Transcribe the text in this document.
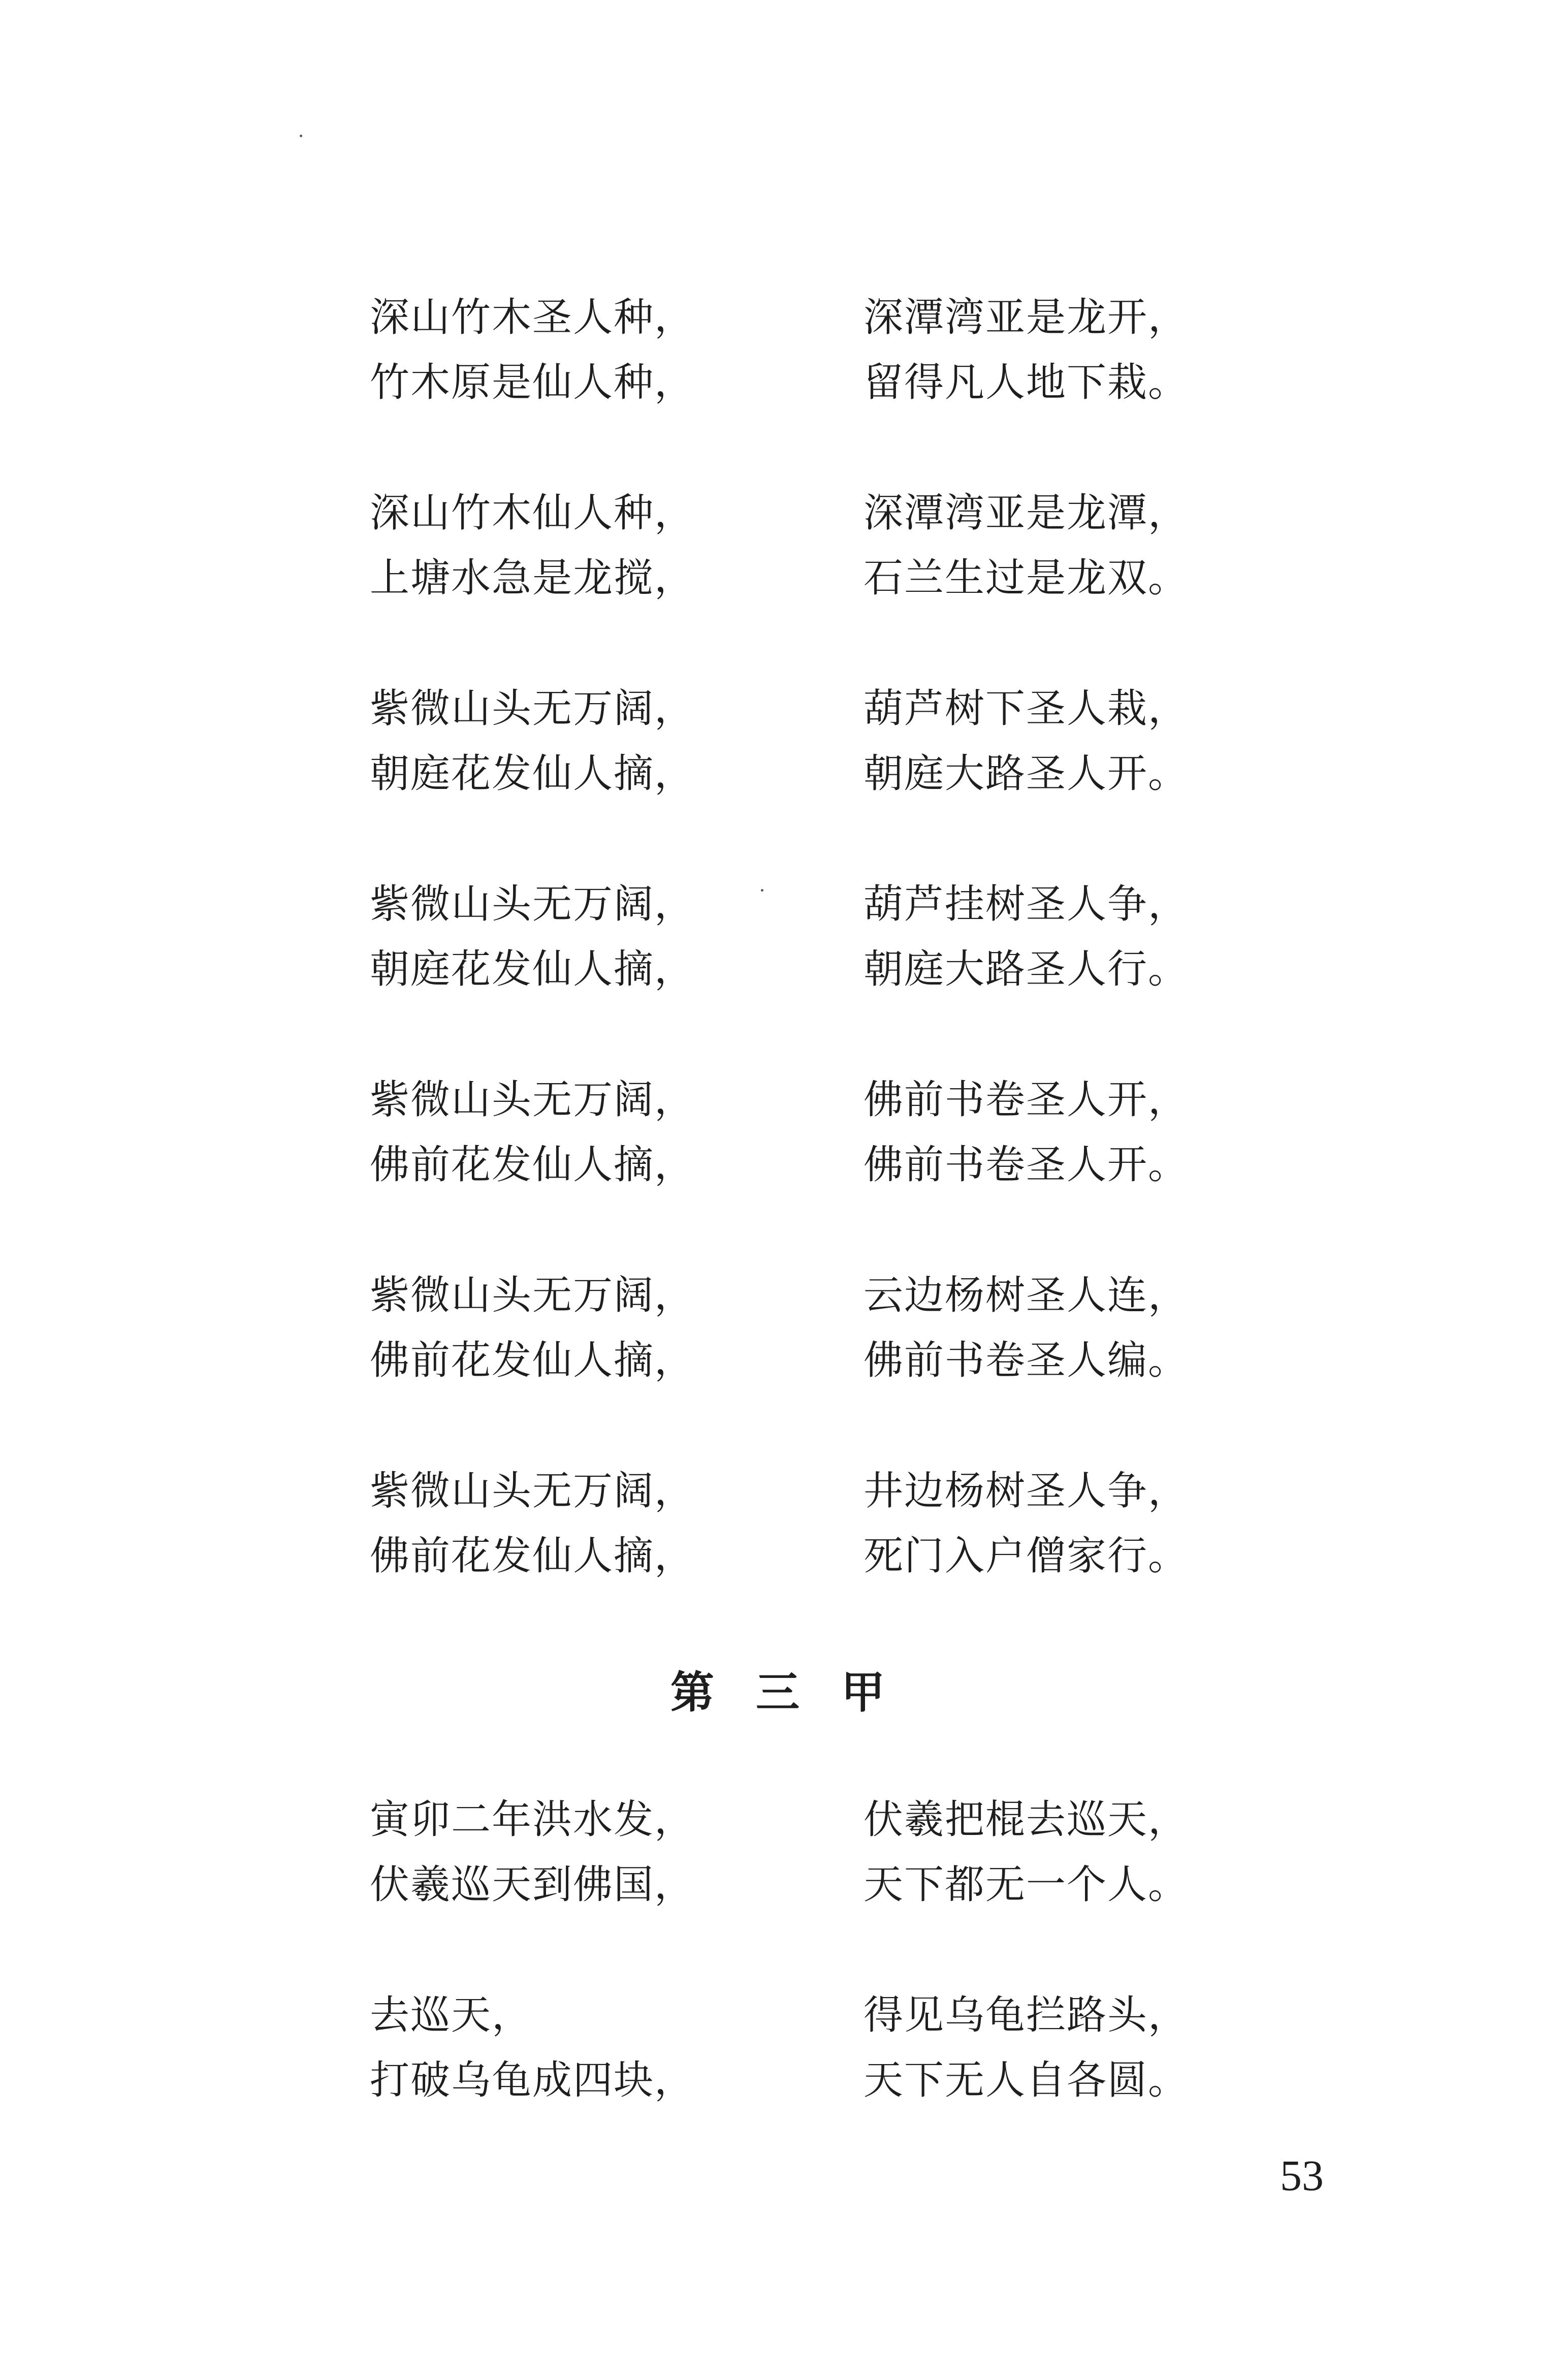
深山竹木圣人种，	深潭湾亚是龙开，
竹木原是仙人种，	留得凡人地下栽。
深山竹木仙人种，	深潭湾亚是龙潭，
上塘水急是龙搅，	石兰生过是龙双。
紫微山头无万阔，	葫芦树下圣人栽，
朝庭花发仙人摘，	朝庭大路圣人开。
紫微山头无万阔，	葫芦挂树圣人争，
朝庭花发仙人摘，	朝庭大路圣人行。
紫微山头无万阔，	佛前书卷圣人开，
佛前花发仙人摘，	佛前书卷圣人开。
紫微山头无万阔，	云边杨树圣人连，
佛前花发仙人摘，	佛前书卷圣人编。
紫微山头无万阔，	井边杨树圣人争，
佛前花发仙人摘，	死门入户僧家行。
第三甲
寅卯二年洪水发，	伏羲把棍去巡天，
伏羲巡天到佛国，	天下都无一个人。
去巡天，	得见乌龟拦路头，
打破乌龟成四块，	天下无人自各圆。
53
